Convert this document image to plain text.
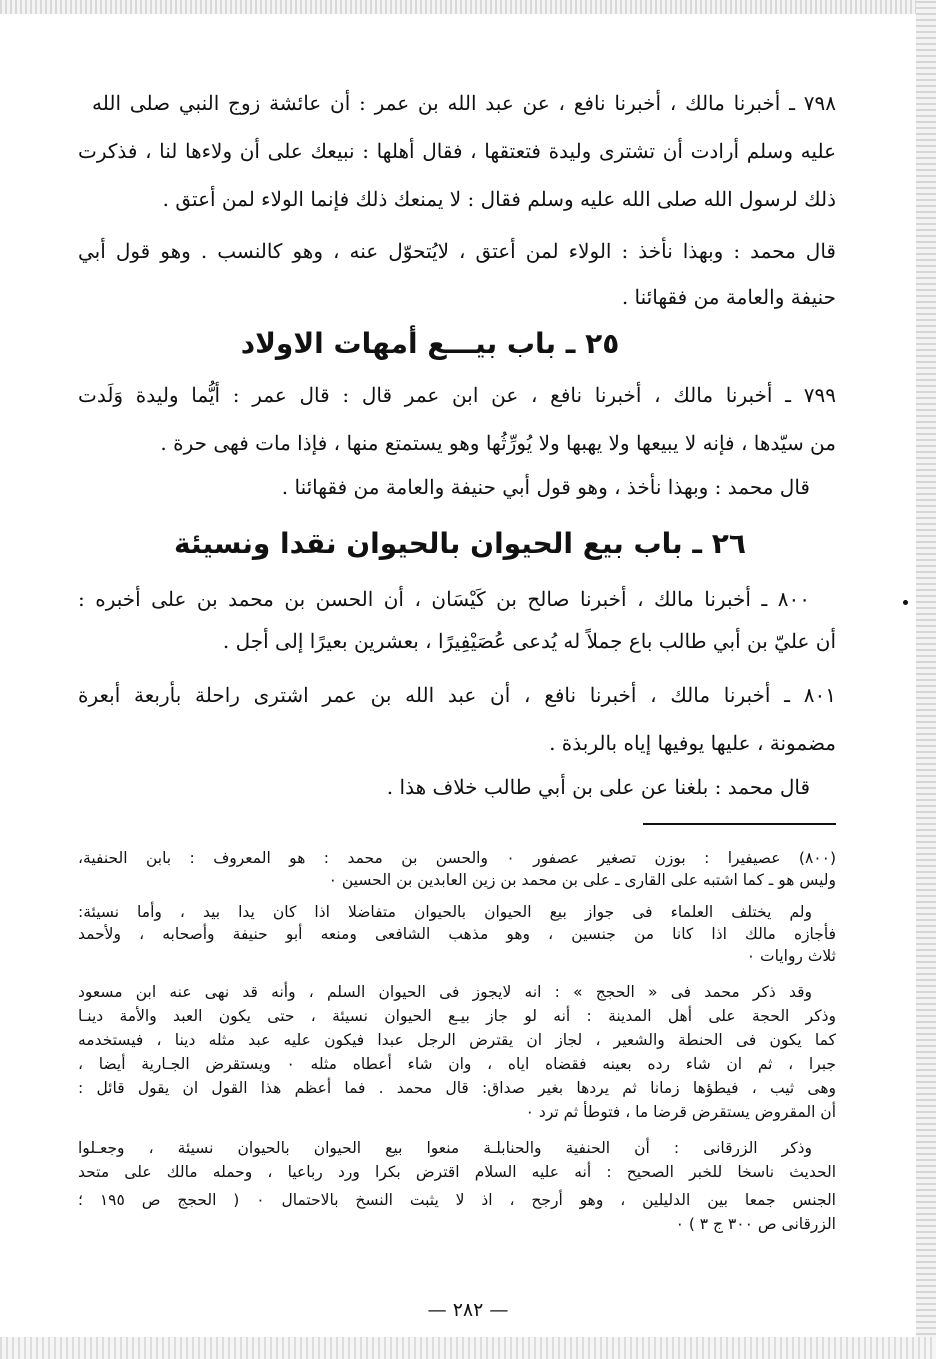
٧٩٨ ـ أخبرنا مالك ، أخبرنا نافع ، عن عبد الله بن عمر : أن عائشة زوج النبي صلى الله
عليه وسلم أرادت أن تشترى وليدة فتعتقها ، فقال أهلها : نبيعك على أن ولاءها لنا ، فذكرت
ذلك لرسول الله صلى الله عليه وسلم فقال : لا يمنعك ذلك فإنما الولاء لمن أعتق .
قال محمد : وبهذا نأخذ : الولاء لمن أعتق ، لايُتحوّل عنه ، وهو كالنسب . وهو قول أبي
حنيفة والعامة من فقهائنا .
٢٥ ـ باب بيـــع أمهات الاولاد
٧٩٩ ـ أخبرنا مالك ، أخبرنا نافع ، عن ابن عمر قال : قال عمر : أيُّما وليدة وَلَدت
من سيّدها ، فإنه لا يبيعها ولا يهبها ولا يُورِّثُها وهو يستمتع منها ، فإذا مات فهى حرة .
قال محمد : وبهذا نأخذ ، وهو قول أبي حنيفة والعامة من فقهائنا .
٢٦ ـ باب بيع الحيوان بالحيوان نقدا ونسيئة
٨٠٠ ـ أخبرنا مالك ، أخبرنا صالح بن كَيْسَان ، أن الحسن بن محمد بن على أخبره :
أن عليّ بن أبي طالب باع جملاً له يُدعى عُصَيْفِيرًا ، بعشرين بعيرًا إلى أجل .
٨٠١ ـ أخبرنا مالك ، أخبرنا نافع ، أن عبد الله بن عمر اشترى راحلة بأربعة أبعرة
مضمونة ، عليها يوفيها إياه بالربذة .
قال محمد : بلغنا عن على بن أبي طالب خلاف هذا .
(٨٠٠) عصيفيرا : بوزن تصغير عصفور ٠ والحسن بن محمد : هو المعروف : بابن الحنفية،
وليس هو ـ كما اشتبه على القارى ـ على بن محمد بن زين العابدين بن الحسين ٠
ولم يختلف العلماء فى جواز بيع الحيوان بالحيوان متفاضلا اذا كان يدا بيد ، وأما نسيئة:
فأجازه مالك اذا كانا من جنسين ، وهو مذهب الشافعى ومنعه أبو حنيفة وأصحابه ، ولأحمد
ثلاث روايات ٠
وقد ذكر محمد فى « الحجج » : انه لايجوز فى الحيوان السلم ، وأنه قد نهى عنه ابن مسعود
وذكر الحجة على أهل المدينة : أنه لو جاز بيـع الحيوان نسيئة ، حتى يكون العبد والأمة دينـا
كما يكون فى الحنطة والشعير ، لجاز ان يقترض الرجل عبدا فيكون عليه عبد مثله دينا ، فيستخدمه
جبرا ، ثم ان شاء رده بعينه فقضاه اياه ، وان شاء أعطاه مثله ٠ ويستقرض الجـارية أيضا ،
وهى ثيب ، فيطؤها زمانا ثم يردها بغير صداق: قال محمد . فما أعظم هذا القول ان يقول قائل :
أن المقروض يستقرض قرضا ما ، فتوطأ ثم ترد ٠
وذكر الزرقانى : أن الحنفية والحنابلـة منعوا بيع الحيوان بالحيوان نسيئة ، وجعـلوا
الحديث ناسخا للخبر الصحيح : أنه عليه السلام اقترض بكرا ورد رباعيا ، وحمله مالك على متحد
الجنس جمعا بين الدليلين ، وهو أرجح ، اذ لا يثبت النسخ بالاحتمال ٠ ( الحجج ص ١٩٥ ؛
الزرقانى ص ٣٠٠ ج ٣ ) ٠
— ٢٨٢ —
